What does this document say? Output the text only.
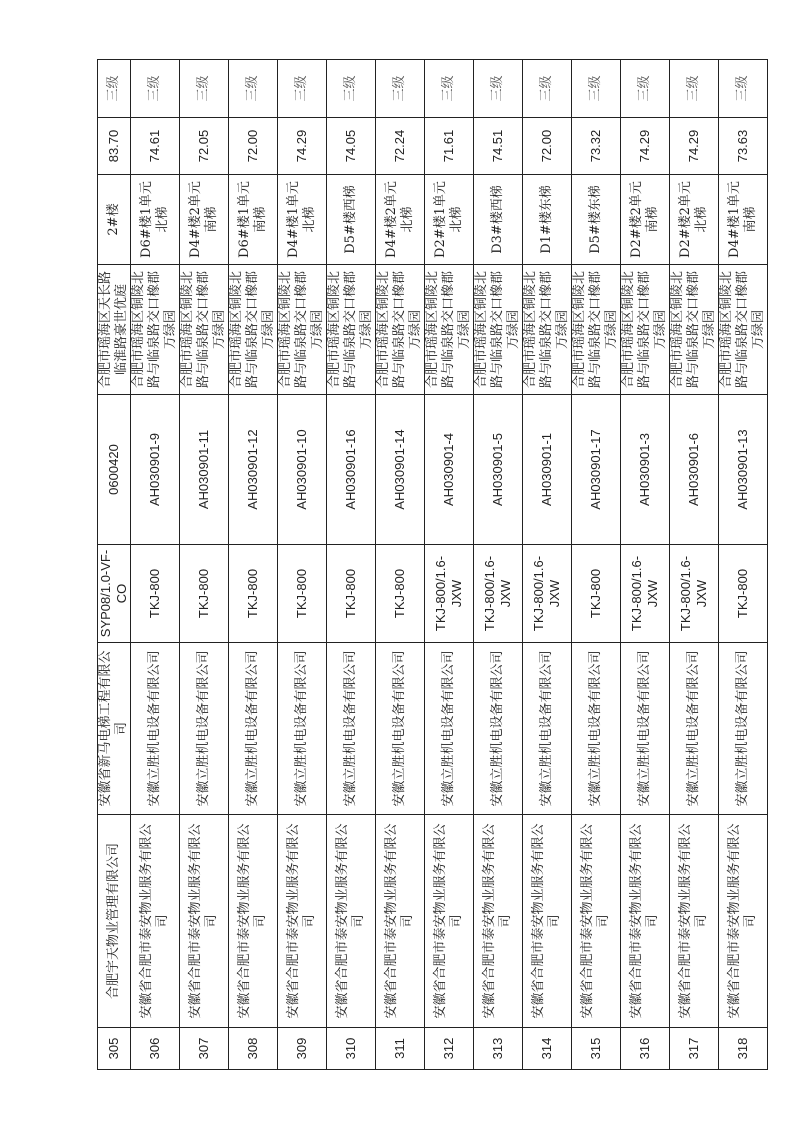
305	合肥宇天物业管理有限公司	安徽省新马电梯工程有限公司	SYP08/1.0-VF-CO	0600420	合肥市瑶海区天长路临淮路豪世优庭	2#楼	83.70	三级
306	安徽省合肥市泰安物业服务有限公司	安徽立胜机电设备有限公司	TKJ-800	AH030901-9	合肥市瑶海区铜陵北路与临泉路交口橡郡万绿园	D6#楼1单元北梯	74.61	三级
307	安徽省合肥市泰安物业服务有限公司	安徽立胜机电设备有限公司	TKJ-800	AH030901-11	合肥市瑶海区铜陵北路与临泉路交口橡郡万绿园	D4#楼2单元南梯	72.05	三级
308	安徽省合肥市泰安物业服务有限公司	安徽立胜机电设备有限公司	TKJ-800	AH030901-12	合肥市瑶海区铜陵北路与临泉路交口橡郡万绿园	D6#楼1单元南梯	72.00	三级
309	安徽省合肥市泰安物业服务有限公司	安徽立胜机电设备有限公司	TKJ-800	AH030901-10	合肥市瑶海区铜陵北路与临泉路交口橡郡万绿园	D4#楼1单元北梯	74.29	三级
310	安徽省合肥市泰安物业服务有限公司	安徽立胜机电设备有限公司	TKJ-800	AH030901-16	合肥市瑶海区铜陵北路与临泉路交口橡郡万绿园	D5#楼西梯	74.05	三级
311	安徽省合肥市泰安物业服务有限公司	安徽立胜机电设备有限公司	TKJ-800	AH030901-14	合肥市瑶海区铜陵北路与临泉路交口橡郡万绿园	D4#楼2单元北梯	72.24	三级
312	安徽省合肥市泰安物业服务有限公司	安徽立胜机电设备有限公司	TKJ-800/1.6-JXW	AH030901-4	合肥市瑶海区铜陵北路与临泉路交口橡郡万绿园	D2#楼1单元北梯	71.61	三级
313	安徽省合肥市泰安物业服务有限公司	安徽立胜机电设备有限公司	TKJ-800/1.6-JXW	AH030901-5	合肥市瑶海区铜陵北路与临泉路交口橡郡万绿园	D3#楼西梯	74.51	三级
314	安徽省合肥市泰安物业服务有限公司	安徽立胜机电设备有限公司	TKJ-800/1.6-JXW	AH030901-1	合肥市瑶海区铜陵北路与临泉路交口橡郡万绿园	D1#楼东梯	72.00	三级
315	安徽省合肥市泰安物业服务有限公司	安徽立胜机电设备有限公司	TKJ-800	AH030901-17	合肥市瑶海区铜陵北路与临泉路交口橡郡万绿园	D5#楼东梯	73.32	三级
316	安徽省合肥市泰安物业服务有限公司	安徽立胜机电设备有限公司	TKJ-800/1.6-JXW	AH030901-3	合肥市瑶海区铜陵北路与临泉路交口橡郡万绿园	D2#楼2单元南梯	74.29	三级
317	安徽省合肥市泰安物业服务有限公司	安徽立胜机电设备有限公司	TKJ-800/1.6-JXW	AH030901-6	合肥市瑶海区铜陵北路与临泉路交口橡郡万绿园	D2#楼2单元北梯	74.29	三级
318	安徽省合肥市泰安物业服务有限公司	安徽立胜机电设备有限公司	TKJ-800	AH030901-13	合肥市瑶海区铜陵北路与临泉路交口橡郡万绿园	D4#楼1单元南梯	73.63	三级
